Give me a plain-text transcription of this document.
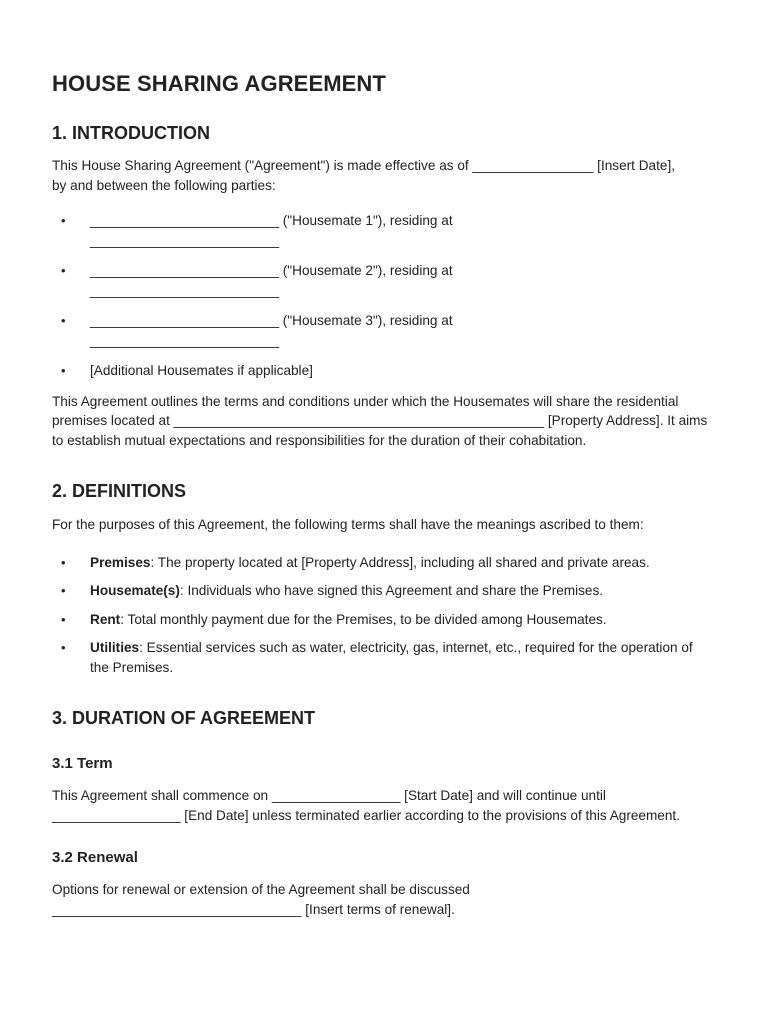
HOUSE SHARING AGREEMENT
1. INTRODUCTION

This House Sharing Agreement ("Agreement") is made effective as of ________________ [Insert Date], by and between the following parties:

• _________________________ ("Housemate 1"), residing at
_________________________
• _________________________ ("Housemate 2"), residing at
_________________________
• _________________________ ("Housemate 3"), residing at
_________________________
• [Additional Housemates if applicable]

This Agreement outlines the terms and conditions under which the Housemates will share the residential premises located at _________________________________________________ [Property Address]. It aims to establish mutual expectations and responsibilities for the duration of their cohabitation.

2. DEFINITIONS

For the purposes of this Agreement, the following terms shall have the meanings ascribed to them:

• Premises: The property located at [Property Address], including all shared and private areas.
• Housemate(s): Individuals who have signed this Agreement and share the Premises.
• Rent: Total monthly payment due for the Premises, to be divided among Housemates.
• Utilities: Essential services such as water, electricity, gas, internet, etc., required for the operation of the Premises.
3. DURATION OF AGREEMENT
3.1 Term

This Agreement shall commence on _________________ [Start Date] and will continue until _________________ [End Date] unless terminated earlier according to the provisions of this Agreement.

3.2 Renewal

Options for renewal or extension of the Agreement shall be discussed _________________________________ [Insert terms of renewal].
